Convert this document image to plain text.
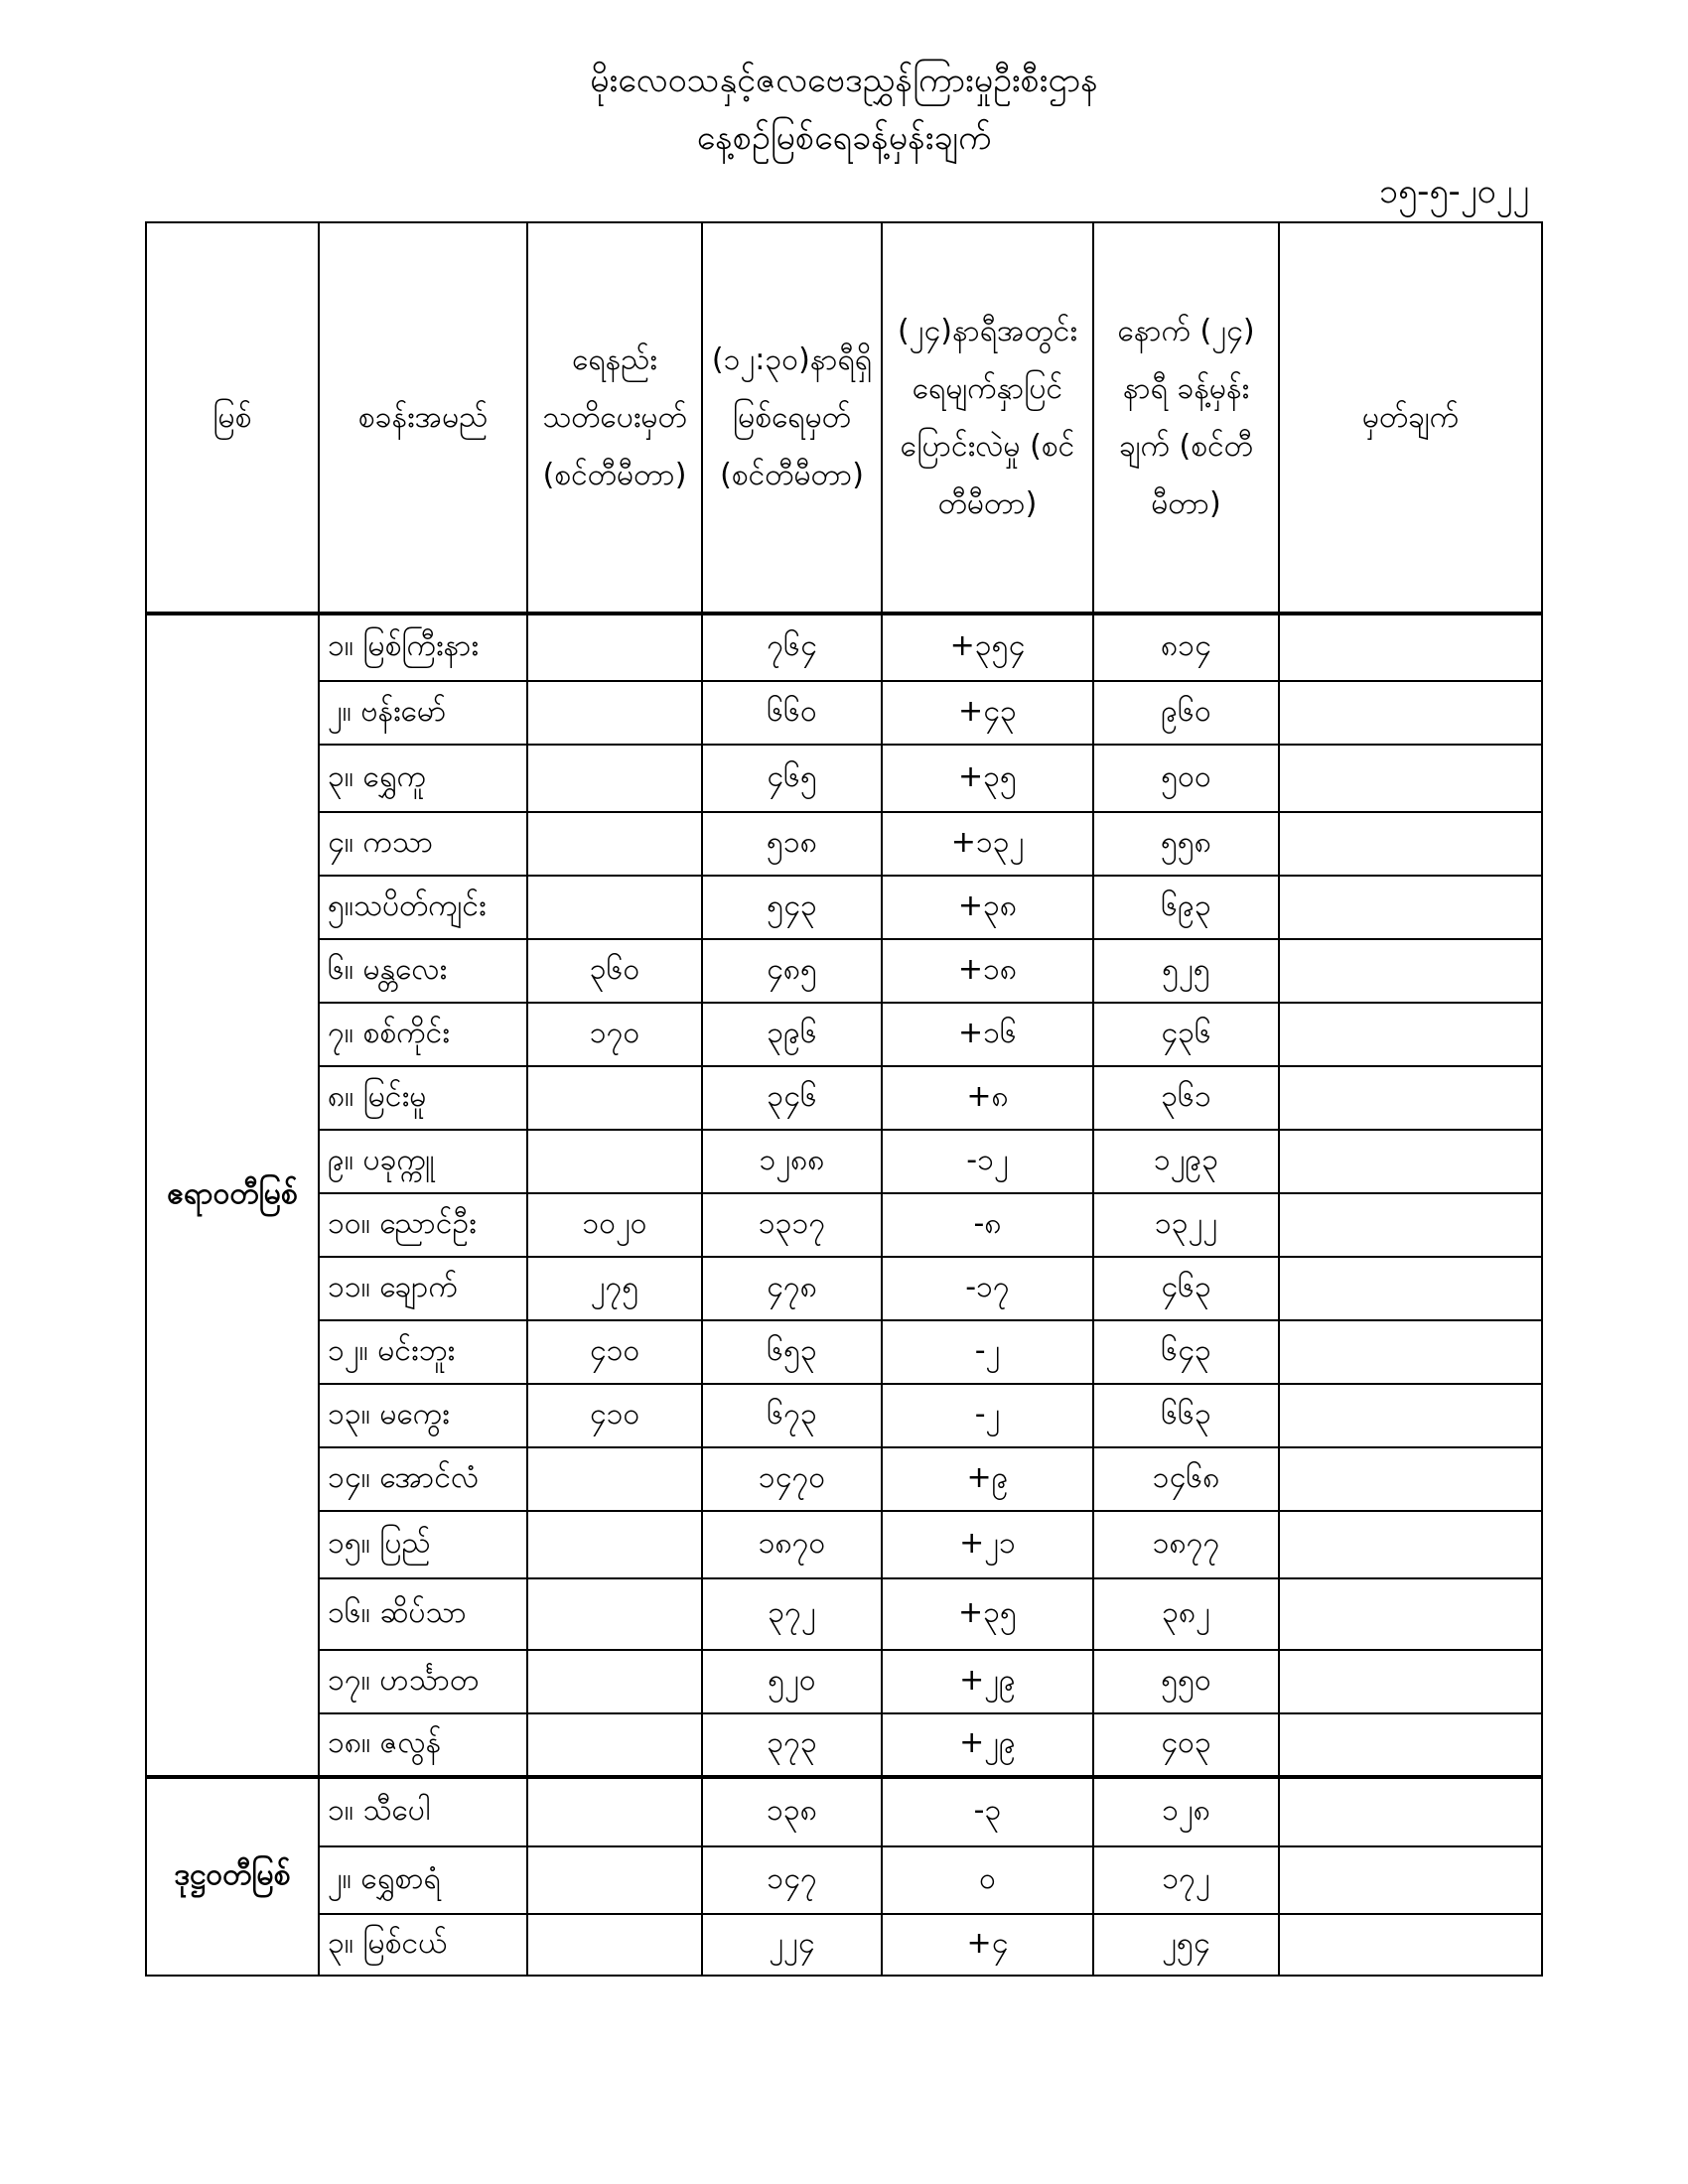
မိုးလေဝသနှင့်ဇလဗေဒညွှန်ကြားမှုဦးစီးဌာန
နေ့စဉ်မြစ်ရေခန့်မှန်းချက်
၁၅-၅-၂၀၂၂
မြစ်	စခန်းအမည်	ရေနည်း သတိပေးမှတ် (စင်တီမီတာ)	(၁၂:၃၀)နာရီရှိ မြစ်ရေမှတ် (စင်တီမီတာ)	(၂၄)နာရီအတွင်း ရေမျက်နှာပြင် ပြောင်းလဲမှု (စင်တီမီတာ)	နောက် (၂၄) နာရီ ခန့်မှန်းချက် (စင်တီမီတာ)	မှတ်ချက်
ဧရာဝတီမြစ်	၁။ မြစ်ကြီးနား		၇၆၄	+၃၅၄	၈၁၄	
	၂။ ဗန်းမော်		၆၆၀	+၄၃	၉၆၀	
	၃။ ရွှေကူ		၄၆၅	+၃၅	၅၀၀	
	၄။ ကသာ		၅၁၈	+၁၃၂	၅၅၈	
	၅။သပိတ်ကျင်း		၅၄၃	+၃၈	၆၉၃	
	၆။ မန္တလေး	၃၆၀	၄၈၅	+၁၈	၅၂၅	
	၇။ စစ်ကိုင်း	၁၇၀	၃၉၆	+၁၆	၄၃၆	
	၈။ မြင်းမူ		၃၄၆	+၈	၃၆၁	
	၉။ ပခုက္ကူ		၁၂၈၈	-၁၂	၁၂၉၃	
	၁၀။ ညောင်ဦး	၁၀၂၀	၁၃၁၇	-၈	၁၃၂၂	
	၁၁။ ချောက်	၂၇၅	၄၇၈	-၁၇	၄၆၃	
	၁၂။ မင်းဘူး	၄၁၀	၆၅၃	-၂	၆၄၃	
	၁၃။ မကွေး	၄၁၀	၆၇၃	-၂	၆၆၃	
	၁၄။ အောင်လံ		၁၄၇၀	+၉	၁၄၆၈	
	၁၅။ ပြည်		၁၈၇၀	+၂၁	၁၈၇၇	
	၁၆။ ဆိပ်သာ		၃၇၂	+၃၅	၃၈၂	
	၁၇။ ဟင်္သာတ		၅၂၀	+၂၉	၅၅၀	
	၁၈။ ဇလွန်		၃၇၃	+၂၉	၄၀၃	
ဒုဋ္ဌဝတီမြစ်	၁။ သီပေါ		၁၃၈	-၃	၁၂၈	
	၂။ ရွှေစာရံ		၁၄၇	၀	၁၇၂	
	၃။ မြစ်ငယ်		၂၂၄	+၄	၂၅၄	
